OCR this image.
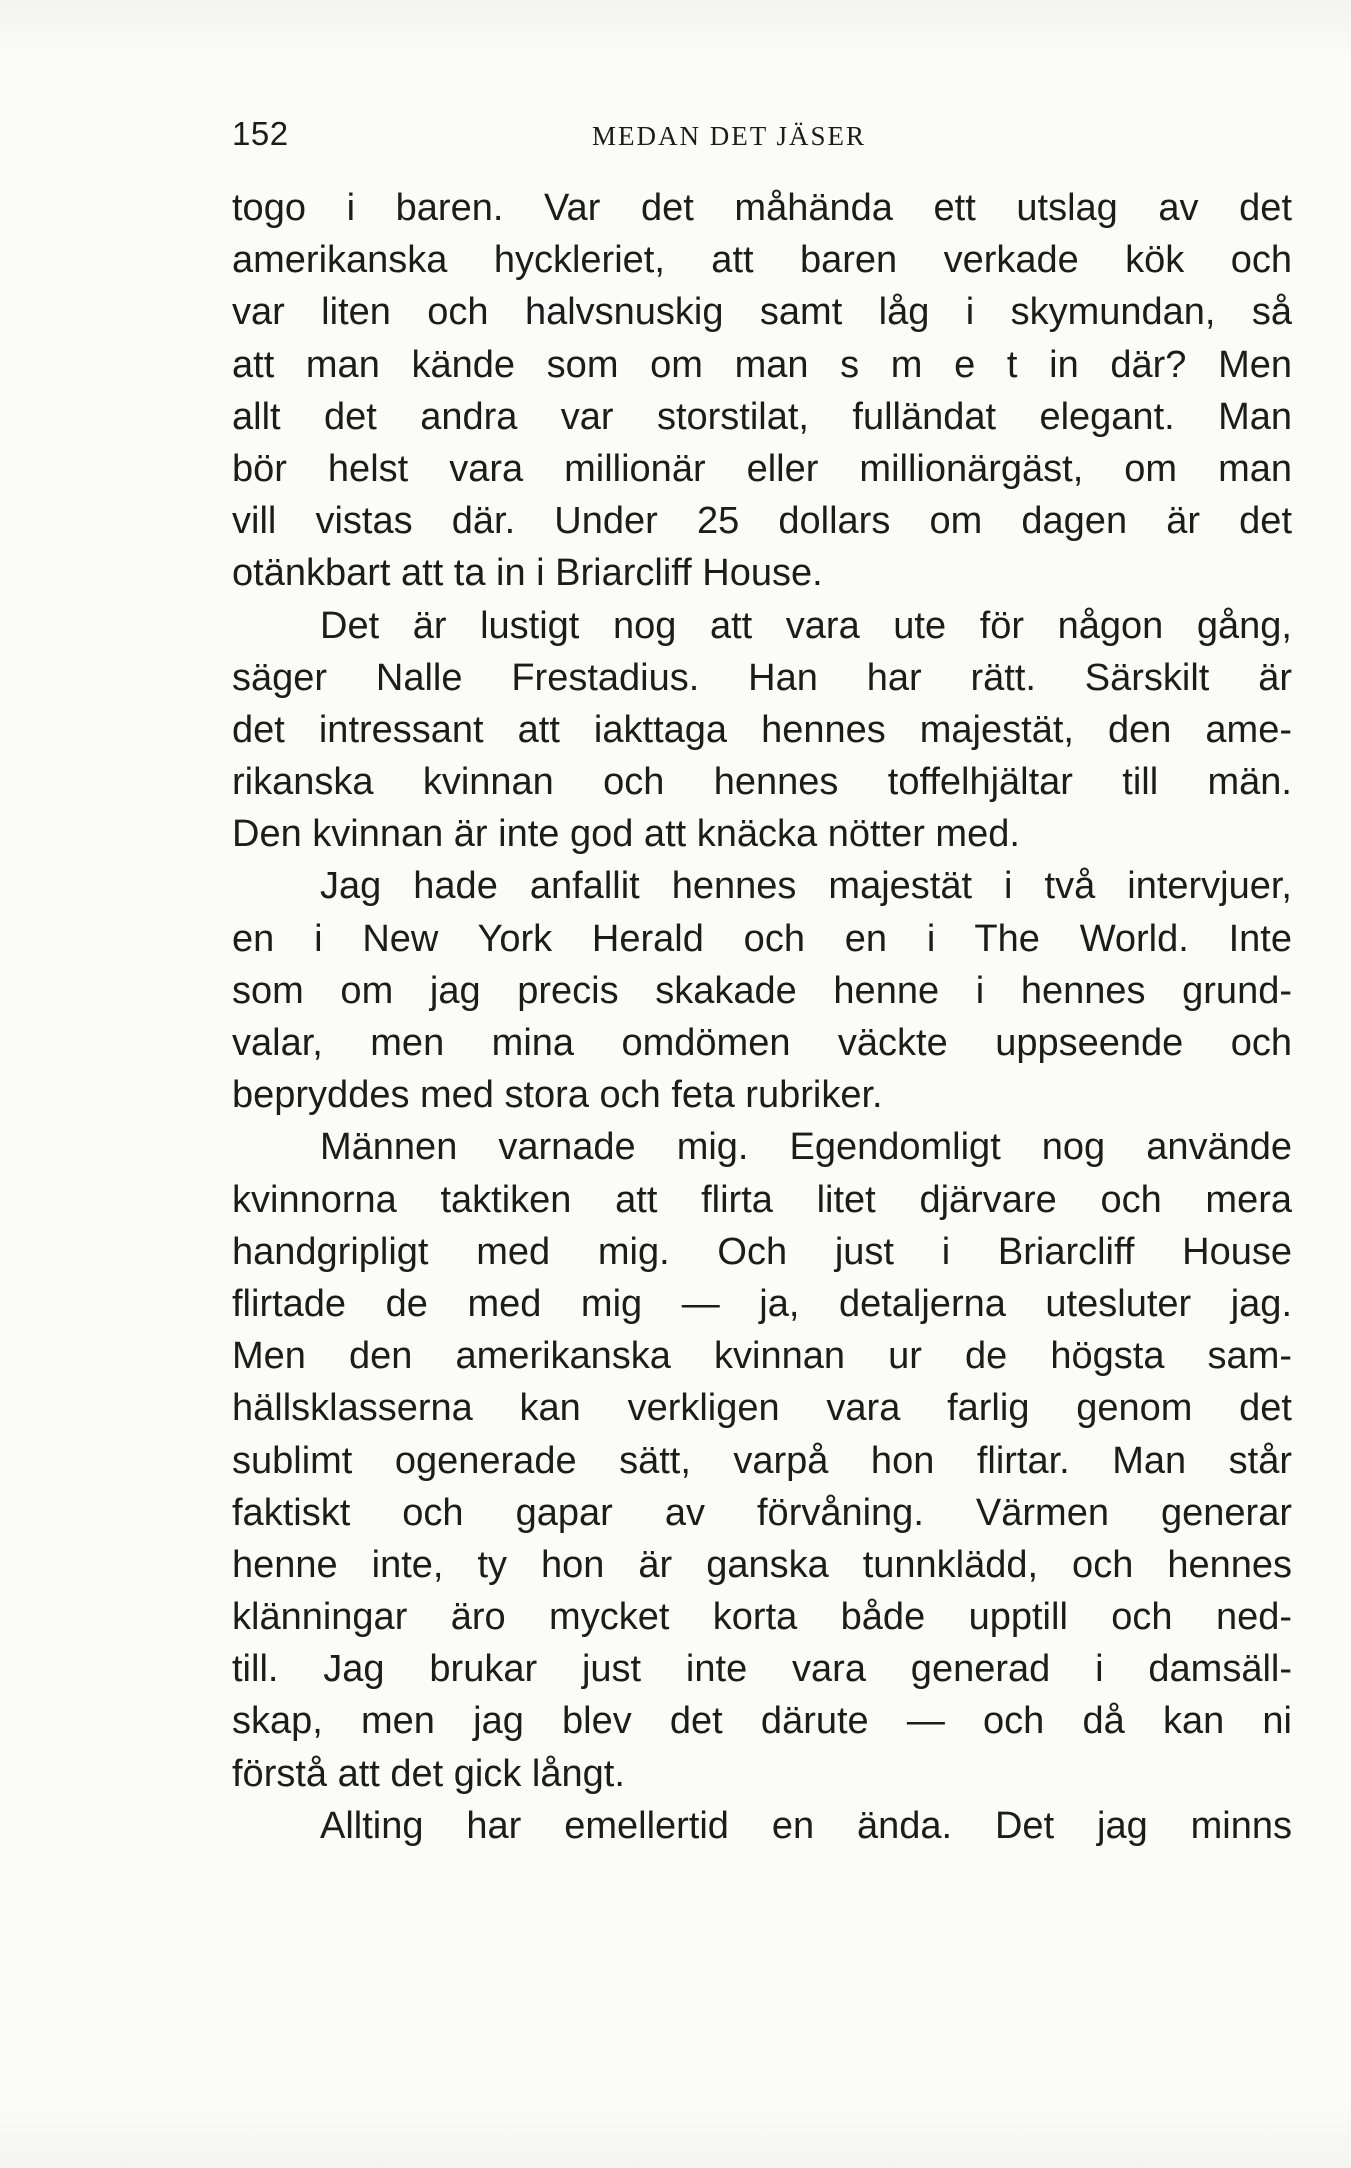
152	MEDAN DET JÄSER
togo i baren. Var det måhända ett utslag av det
amerikanska hyckleriet, att baren verkade kök och
var liten och halvsnuskig samt låg i skymundan, så
att man kände som om man s m e t in där? Men
allt det andra var storstilat, fulländat elegant. Man
bör helst vara millionär eller millionärgäst, om man
vill vistas där. Under 25 dollars om dagen är det
otänkbart att ta in i Briarcliff House.
Det är lustigt nog att vara ute för någon gång,
säger Nalle Frestadius. Han har rätt. Särskilt är
det intressant att iakttaga hennes majestät, den ame-
rikanska kvinnan och hennes toffelhjältar till män.
Den kvinnan är inte god att knäcka nötter med.
Jag hade anfallit hennes majestät i två intervjuer,
en i New York Herald och en i The World. Inte
som om jag precis skakade henne i hennes grund-
valar, men mina omdömen väckte uppseende och
bepryddes med stora och feta rubriker.
Männen varnade mig. Egendomligt nog använde
kvinnorna taktiken att flirta litet djärvare och mera
handgripligt med mig. Och just i Briarcliff House
flirtade de med mig — ja, detaljerna utesluter jag.
Men den amerikanska kvinnan ur de högsta sam-
hällsklasserna kan verkligen vara farlig genom det
sublimt ogenerade sätt, varpå hon flirtar. Man står
faktiskt och gapar av förvåning. Värmen generar
henne inte, ty hon är ganska tunnklädd, och hennes
klänningar äro mycket korta både upptill och ned-
till. Jag brukar just inte vara generad i damsäll-
skap, men jag blev det därute — och då kan ni
förstå att det gick långt.
Allting har emellertid en ända. Det jag minns
